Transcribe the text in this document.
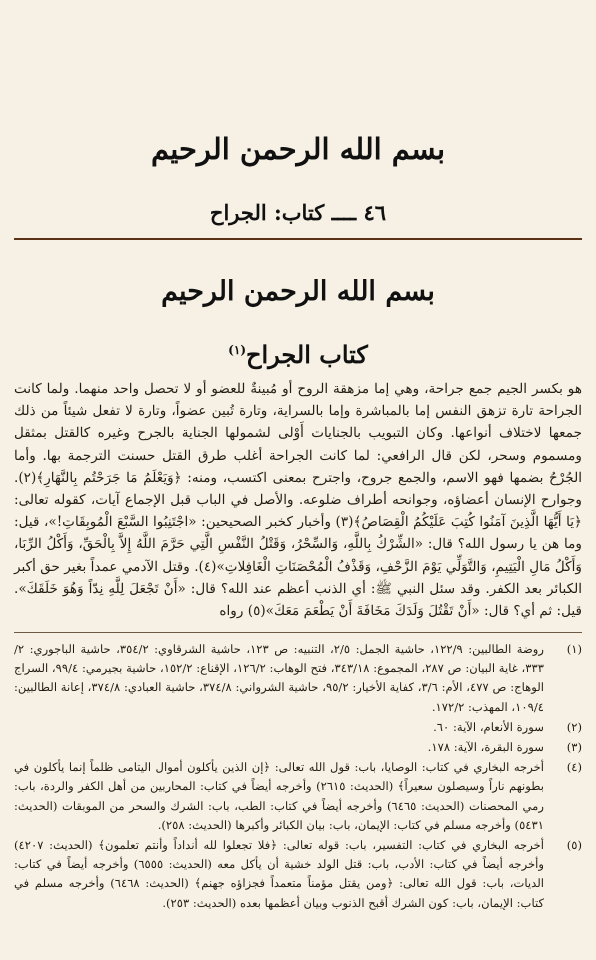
بسم الله الرحمن الرحيم
٤٦ ــــ كتاب: الجراح
بسم الله الرحمن الرحيم
كتاب الجراح$^{(١)}$

هو بكسر الجيم جمع جراحة، وهي إما مزهقة الروح أو مُبينةٌ للعضو أو لا تحصل واحد منهما. ولما كانت الجراحة تارة تزهق النفس إما بالمباشرة وإما بالسراية، وتارة تُبين عضواً، وتارة لا تفعل شيئاً من ذلك جمعها لاختلاف أنواعها. وكان التبويب بالجنايات أَوْلى لشمولها الجناية بالجرح وغيره كالقتل بمثقل ومسموم وسحر، لكن قال الرافعي: لما كانت الجراحة أغلب طرق القتل حسنت الترجمة بها. وأما الجُرْحُ بضمها فهو الاسم، والجمع جروح، واجترح بمعنى اكتسب، ومنه: ﴿وَيَعْلَمُ مَا جَرَحْتُم بِالنَّهَارِ﴾(٢). وجوارح الإنسان أعضاؤه، وجوانحه أطراف ضلوعه. والأصل في الباب قبل الإجماع آيات، كقوله تعالى: ﴿يَا أَيُّهَا الَّذِينَ آمَنُوا كُتِبَ عَلَيْكُمُ الْقِصَاصُ﴾(٣) وأخبار كخبر الصحيحين: «اجْتَنِبُوا السَّبْعَ الْمُوبِقَاتِ!»، قيل: وما هن يا رسول الله؟ قال: «الشِّرْكُ بِاللَّهِ، وَالسِّحْرُ، وَقَتْلُ النَّفْسِ الَّتِي حَرَّمَ اللَّهُ إِلاَّ بِالْحَقِّ، وَأَكْلُ الرِّبَا، وَأَكْلُ مَالِ الْيَتِيمِ، وَالتَّوَلِّي يَوْمَ الزَّحْفِ، وَقَذْفُ الْمُحْصَنَاتِ الْغَافِلاتِ»(٤). وقتل الآدمي عمداً بغير حق أكبر الكبائر بعد الكفر. وقد سئل النبي ﷺ: أي الذنب أعظم عند الله؟ قال: «أَنْ تَجْعَلَ لِلَّهِ نِدّاً وَهُوَ خَلَقَكَ». قيل: ثم أي؟ قال: «أَنْ تَقْتُلَ وَلَدَكَ مَخَافَةَ أَنْ يَطْعَمَ مَعَكَ»(٥) رواه

(١)
روضة الطالبين: ١٢٢/٩، حاشية الجمل: ٢/٥، التنبيه: ص ١٢٣، حاشية الشرقاوي: ٣٥٤/٢، حاشية الباجوري: ٢/ ٣٣٣، غاية البيان: ص ٢٨٧، المجموع: ٣٤٣/١٨، فتح الوهاب: ١٢٦/٢، الإقناع: ١٥٢/٢، حاشية بجيرمي: ٩٩/٤، السراج الوهاج: ص ٤٧٧، الأم: ٣/٦، كفاية الأخيار: ٩٥/٢، حاشية الشرواني: ٣٧٤/٨، حاشية العبادي: ٣٧٤/٨، إعانة الطالبين: ١٠٩/٤، المهذب: ١٧٢/٢.
(٢)
سورة الأنعام، الآية: ٦٠.
(٣)
سورة البقرة، الآية: ١٧٨.
(٤)
أخرجه البخاري في كتاب: الوصايا، باب: قول الله تعالى: ﴿إن الذين يأكلون أموال اليتامى ظلماً إنما يأكلون في بطونهم ناراً وسيصلون سعيراً﴾ (الحديث: ٢٦١٥) وأخرجه أيضاً في كتاب: المحاربين من أهل الكفر والردة، باب: رمي المحصنات (الحديث: ٦٤٦٥) وأخرجه أيضاً في كتاب: الطب، باب: الشرك والسحر من الموبقات (الحديث: ٥٤٣١) وأخرجه مسلم في كتاب: الإيمان، باب: بيان الكبائر وأكبرها (الحديث: ٢٥٨).
(٥)
أخرجه البخاري في كتاب: التفسير، باب: قوله تعالى: ﴿فلا تجعلوا لله أنداداً وأنتم تعلمون﴾ (الحديث: ٤٢٠٧) وأخرجه أيضاً في كتاب: الأدب، باب: قتل الولد خشية أن يأكل معه (الحديث: ٦٥٥٥) وأخرجه أيضاً في كتاب: الديات، باب: قول الله تعالى: ﴿ومن يقتل مؤمناً متعمداً فجزاؤه جهنم﴾ (الحديث: ٦٤٦٨) وأخرجه مسلم في كتاب: الإيمان، باب: كون الشرك أقبح الذنوب وبيان أعظمها بعده (الحديث: ٢٥٣).
